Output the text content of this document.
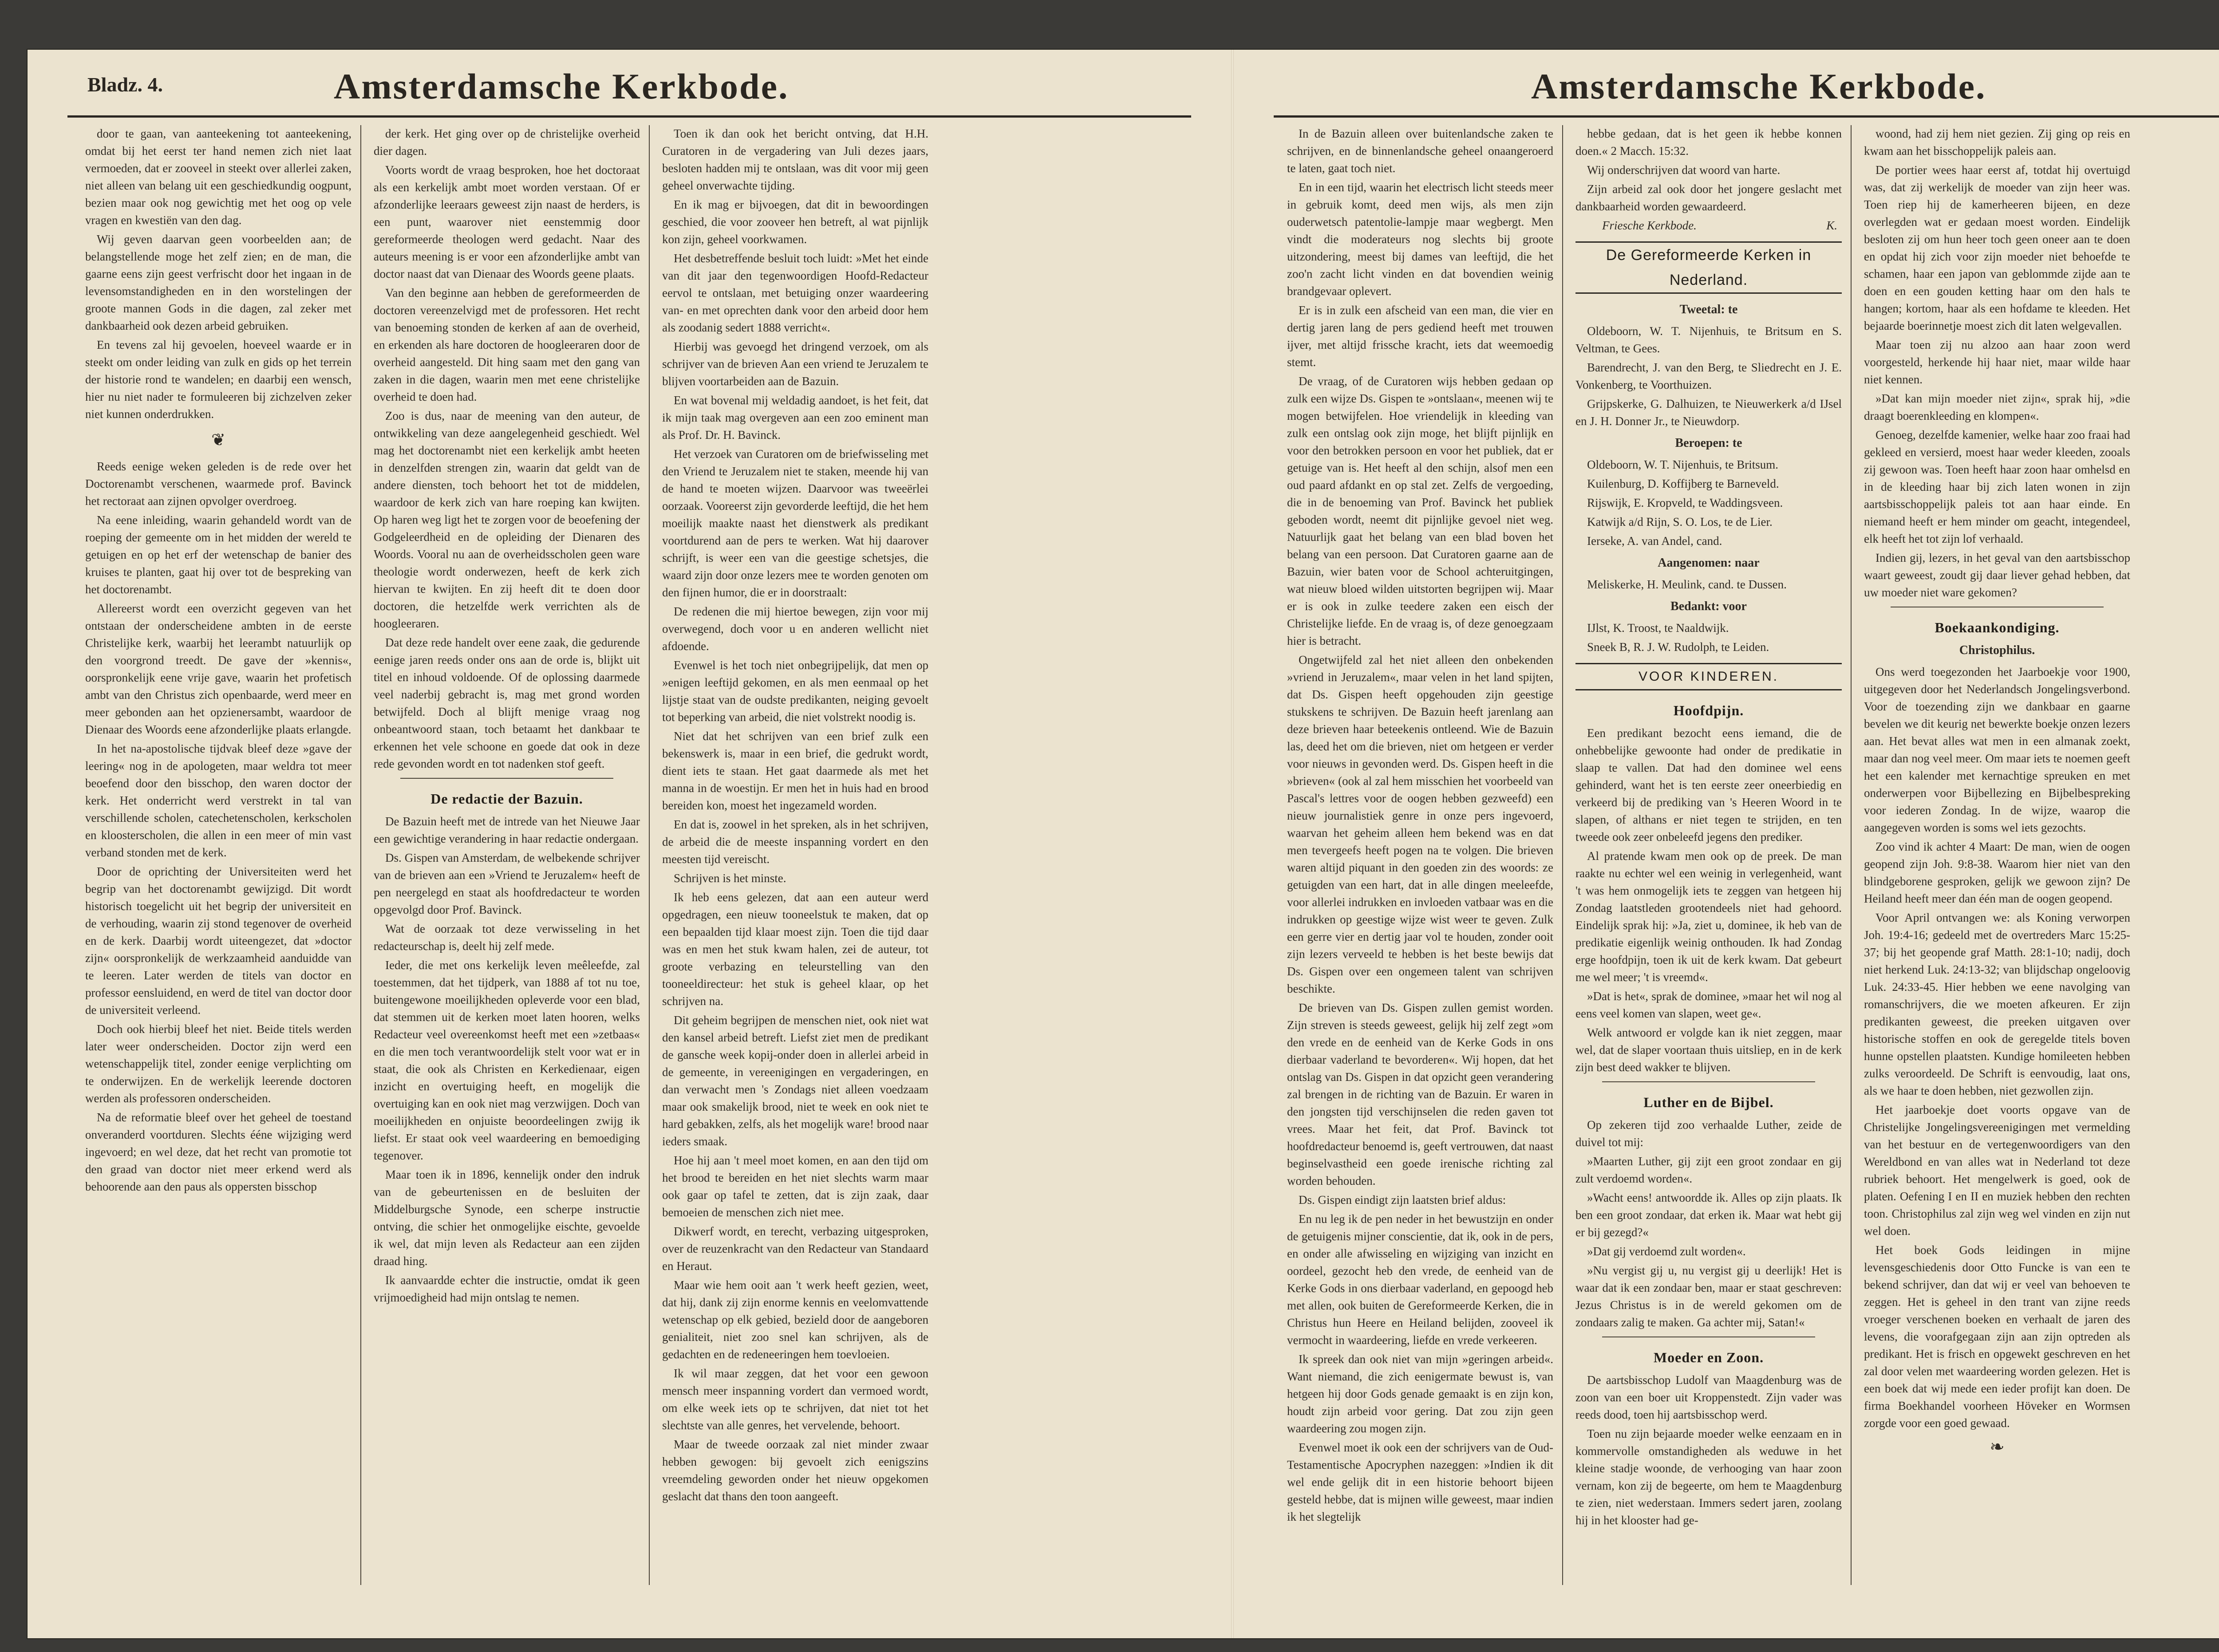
Bladz. 4.	Amsterdamsche Kerkbode.

door te gaan, van aanteekening tot aanteekening, omdat bij het eerst ter hand nemen zich niet laat vermoeden, dat er zooveel in steekt over allerlei zaken, niet alleen van belang uit een geschiedkundig oogpunt, bezien maar ook nog gewichtig met het oog op vele vragen en kwestiën van den dag.

Wij geven daarvan geen voorbeelden aan; de belangstellende moge het zelf zien; en de man, die gaarne eens zijn geest verfrischt door het ingaan in de levensomstandigheden en in den worstelingen der groote mannen Gods in die dagen, zal zeker met dankbaarheid ook dezen arbeid gebruiken.

En tevens zal hij gevoelen, hoeveel waarde er in steekt om onder leiding van zulk en gids op het terrein der historie rond te wandelen; en daarbij een wensch, hier nu niet nader te formuleeren bij zichzelven zeker niet kunnen onderdrukken.

❦

Reeds eenige weken geleden is de rede over het Doctorenambt verschenen, waarmede prof. Bavinck het rectoraat aan zijnen opvolger overdroeg.

Na eene inleiding, waarin gehandeld wordt van de roeping der gemeente om in het midden der wereld te getuigen en op het erf der wetenschap de banier des kruises te planten, gaat hij over tot de bespreking van het doctorenambt.

Allereerst wordt een overzicht gegeven van het ontstaan der onderscheidene ambten in de eerste Christelijke kerk, waarbij het leerambt natuurlijk op den voorgrond treedt. De gave der »kennis«, oorspronkelijk eene vrije gave, waarin het profetisch ambt van den Christus zich openbaarde, werd meer en meer gebonden aan het opzienersambt, waardoor de Dienaar des Woords eene afzonderlijke plaats erlangde.

In het na-apostolische tijdvak bleef deze »gave der leering« nog in de apologeten, maar weldra tot meer beoefend door den bisschop, den waren doctor der kerk. Het onderricht werd verstrekt in tal van verschillende scholen, catechetenscholen, kerkscholen en kloosterscholen, die allen in een meer of min vast verband stonden met de kerk.

Door de oprichting der Universiteiten werd het begrip van het doctorenambt gewijzigd. Dit wordt historisch toegelicht uit het begrip der universiteit en de verhouding, waarin zij stond tegenover de overheid en de kerk. Daarbij wordt uiteengezet, dat »doctor zijn« oorspronkelijk de werkzaamheid aanduidde van te leeren. Later werden de titels van doctor en professor eensluidend, en werd de titel van doctor door de universiteit verleend.

Doch ook hierbij bleef het niet. Beide titels werden later weer onderscheiden. Doctor zijn werd een wetenschappelijk titel, zonder eenige verplichting om te onderwijzen. En de werkelijk leerende doctoren werden als professoren onderscheiden.

Na de reformatie bleef over het geheel de toestand onveranderd voortduren. Slechts ééne wijziging werd ingevoerd; en wel deze, dat het recht van promotie tot den graad van doctor niet meer erkend werd als behoorende aan den paus als oppersten bisschop

der kerk. Het ging over op de christelijke overheid dier dagen.

Voorts wordt de vraag besproken, hoe het doctoraat als een kerkelijk ambt moet worden verstaan. Of er afzonderlijke leeraars geweest zijn naast de herders, is een punt, waarover niet eenstemmig door gereformeerde theologen werd gedacht. Naar des auteurs meening is er voor een afzonderlijke ambt van doctor naast dat van Dienaar des Woords geene plaats.

Van den beginne aan hebben de gereformeerden de doctoren vereenzelvigd met de professoren. Het recht van benoeming stonden de kerken af aan de overheid, en erkenden als hare doctoren de hoogleeraren door de overheid aangesteld. Dit hing saam met den gang van zaken in die dagen, waarin men met eene christelijke overheid te doen had.

Zoo is dus, naar de meening van den auteur, de ontwikkeling van deze aangelegenheid geschiedt. Wel mag het doctorenambt niet een kerkelijk ambt heeten in denzelfden strengen zin, waarin dat geldt van de andere diensten, toch behoort het tot de middelen, waardoor de kerk zich van hare roeping kan kwijten. Op haren weg ligt het te zorgen voor de beoefening der Godgeleerdheid en de opleiding der Dienaren des Woords. Vooral nu aan de overheidsscholen geen ware theologie wordt onderwezen, heeft de kerk zich hiervan te kwijten. En zij heeft dit te doen door doctoren, die hetzelfde werk verrichten als de hoogleeraren.

Dat deze rede handelt over eene zaak, die gedurende eenige jaren reeds onder ons aan de orde is, blijkt uit titel en inhoud voldoende. Of de oplossing daarmede veel naderbij gebracht is, mag met grond worden betwijfeld. Doch al blijft menige vraag nog onbeantwoord staan, toch betaamt het dankbaar te erkennen het vele schoone en goede dat ook in deze rede gevonden wordt en tot nadenken stof geeft.

De redactie der Bazuin.

De Bazuin heeft met de intrede van het Nieuwe Jaar een gewichtige verandering in haar redactie ondergaan.

Ds. Gispen van Amsterdam, de welbekende schrijver van de brieven aan een »Vriend te Jeruzalem« heeft de pen neergelegd en staat als hoofdredacteur te worden opgevolgd door Prof. Bavinck.

Wat de oorzaak tot deze verwisseling in het redacteurschap is, deelt hij zelf mede.

Ieder, die met ons kerkelijk leven meêleefde, zal toestemmen, dat het tijdperk, van 1888 af tot nu toe, buitengewone moeilijkheden opleverde voor een blad, dat stemmen uit de kerken moet laten hooren, welks Redacteur veel overeenkomst heeft met een »zetbaas« en die men toch verantwoordelijk stelt voor wat er in staat, die ook als Christen en Kerkedienaar, eigen inzicht en overtuiging heeft, en mogelijk die overtuiging kan en ook niet mag verzwijgen. Doch van moeilijkheden en onjuiste beoordeelingen zwijg ik liefst. Er staat ook veel waardeering en bemoediging tegenover.

Maar toen ik in 1896, kennelijk onder den indruk van de gebeurtenissen en de besluiten der Middelburgsche Synode, een scherpe instructie ontving, die schier het onmogelijke eischte, gevoelde ik wel, dat mijn leven als Redacteur aan een zijden draad hing.

Ik aanvaardde echter die instructie, omdat ik geen vrijmoedigheid had mijn ontslag te nemen.

Toen ik dan ook het bericht ontving, dat H.H. Curatoren in de vergadering van Juli dezes jaars, besloten hadden mij te ontslaan, was dit voor mij geen geheel onverwachte tijding.

En ik mag er bijvoegen, dat dit in bewoordingen geschied, die voor zooveer hen betreft, al wat pijnlijk kon zijn, geheel voorkwamen.

Het desbetreffende besluit toch luidt: »Met het einde van dit jaar den tegenwoordigen Hoofd-Redacteur eervol te ontslaan, met betuiging onzer waardeering van- en met oprechten dank voor den arbeid door hem als zoodanig sedert 1888 verricht«.

Hierbij was gevoegd het dringend verzoek, om als schrijver van de brieven Aan een vriend te Jeruzalem te blijven voortarbeiden aan de Bazuin.

En wat bovenal mij weldadig aandoet, is het feit, dat ik mijn taak mag overgeven aan een zoo eminent man als Prof. Dr. H. Bavinck.

Het verzoek van Curatoren om de briefwisseling met den Vriend te Jeruzalem niet te staken, meende hij van de hand te moeten wijzen. Daarvoor was tweeërlei oorzaak. Vooreerst zijn gevorderde leeftijd, die het hem moeilijk maakte naast het dienstwerk als predikant voortdurend aan de pers te werken. Wat hij daarover schrijft, is weer een van die geestige schetsjes, die waard zijn door onze lezers mee te worden genoten om den fijnen humor, die er in doorstraalt:

De redenen die mij hiertoe bewegen, zijn voor mij overwegend, doch voor u en anderen wellicht niet afdoende.

Evenwel is het toch niet onbegrijpelijk, dat men op »enigen leeftijd gekomen, en als men eenmaal op het lijstje staat van de oudste predikanten, neiging gevoelt tot beperking van arbeid, die niet volstrekt noodig is.

Niet dat het schrijven van een brief zulk een bekenswerk is, maar in een brief, die gedrukt wordt, dient iets te staan. Het gaat daarmede als met het manna in de woestijn. Er men het in huis had en brood bereiden kon, moest het ingezameld worden.

En dat is, zoowel in het spreken, als in het schrijven, de arbeid die de meeste inspanning vordert en den meesten tijd vereischt.

Schrijven is het minste.

Ik heb eens gelezen, dat aan een auteur werd opgedragen, een nieuw tooneelstuk te maken, dat op een bepaalden tijd klaar moest zijn. Toen die tijd daar was en men het stuk kwam halen, zei de auteur, tot groote verbazing en teleurstelling van den tooneeldirecteur: het stuk is geheel klaar, op het schrijven na.

Dit geheim begrijpen de menschen niet, ook niet wat den kansel arbeid betreft. Liefst ziet men de predikant de gansche week kopij-onder doen in allerlei arbeid in de gemeente, in vereenigingen en vergaderingen, en dan verwacht men 's Zondags niet alleen voedzaam maar ook smakelijk brood, niet te week en ook niet te hard gebakken, zelfs, als het mogelijk ware! brood naar ieders smaak.

Hoe hij aan 't meel moet komen, en aan den tijd om het brood te bereiden en het niet slechts warm maar ook gaar op tafel te zetten, dat is zijn zaak, daar bemoeien de menschen zich niet mee.

Dikwerf wordt, en terecht, verbazing uitgesproken, over de reuzenkracht van den Redacteur van Standaard en Heraut.

Maar wie hem ooit aan 't werk heeft gezien, weet, dat hij, dank zij zijn enorme kennis en veelomvattende wetenschap op elk gebied, bezield door de aangeboren genialiteit, niet zoo snel kan schrijven, als de gedachten en de redeneeringen hem toevloeien.

Ik wil maar zeggen, dat het voor een gewoon mensch meer inspanning vordert dan vermoed wordt, om elke week iets op te schrijven, dat niet tot het slechtste van alle genres, het vervelende, behoort.

Maar de tweede oorzaak zal niet minder zwaar hebben gewogen: bij gevoelt zich eenigszins vreemdeling geworden onder het nieuw opgekomen geslacht dat thans den toon aangeeft.

Amsterdamsche Kerkbode.

In de Bazuin alleen over buitenlandsche zaken te schrijven, en de binnenlandsche geheel onaangeroerd te laten, gaat toch niet.

En in een tijd, waarin het electrisch licht steeds meer in gebruik komt, deed men wijs, als men zijn ouderwetsch patentolie-lampje maar wegbergt. Men vindt die moderateurs nog slechts bij groote uitzondering, meest bij dames van leeftijd, die het zoo'n zacht licht vinden en dat bovendien weinig brandgevaar oplevert.

Er is in zulk een afscheid van een man, die vier en dertig jaren lang de pers gediend heeft met trouwen ijver, met altijd frissche kracht, iets dat weemoedig stemt.

De vraag, of de Curatoren wijs hebben gedaan op zulk een wijze Ds. Gispen te »ontslaan«, meenen wij te mogen betwijfelen. Hoe vriendelijk in kleeding van zulk een ontslag ook zijn moge, het blijft pijnlijk en voor den betrokken persoon en voor het publiek, dat er getuige van is. Het heeft al den schijn, alsof men een oud paard afdankt en op stal zet. Zelfs de vergoeding, die in de benoeming van Prof. Bavinck het publiek geboden wordt, neemt dit pijnlijke gevoel niet weg. Natuurlijk gaat het belang van een blad boven het belang van een persoon. Dat Curatoren gaarne aan de Bazuin, wier baten voor de School achteruitgingen, wat nieuw bloed wilden uitstorten begrijpen wij. Maar er is ook in zulke teedere zaken een eisch der Christelijke liefde. En de vraag is, of deze genoegzaam hier is betracht.

Ongetwijfeld zal het niet alleen den onbekenden »vriend in Jeruzalem«, maar velen in het land spijten, dat Ds. Gispen heeft opgehouden zijn geestige stukskens te schrijven. De Bazuin heeft jarenlang aan deze brieven haar beteekenis ontleend. Wie de Bazuin las, deed het om die brieven, niet om hetgeen er verder voor nieuws in gevonden werd. Ds. Gispen heeft in die »brieven« (ook al zal hem misschien het voorbeeld van Pascal's lettres voor de oogen hebben gezweefd) een nieuw journalistiek genre in onze pers ingevoerd, waarvan het geheim alleen hem bekend was en dat men tevergeefs heeft pogen na te volgen. Die brieven waren altijd piquant in den goeden zin des woords: ze getuigden van een hart, dat in alle dingen meeleefde, voor allerlei indrukken en invloeden vatbaar was en die indrukken op geestige wijze wist weer te geven. Zulk een gerre vier en dertig jaar vol te houden, zonder ooit zijn lezers verveeld te hebben is het beste bewijs dat Ds. Gispen over een ongemeen talent van schrijven beschikte.

De brieven van Ds. Gispen zullen gemist worden. Zijn streven is steeds geweest, gelijk hij zelf zegt »om den vrede en de eenheid van de Kerke Gods in ons dierbaar vaderland te bevorderen«. Wij hopen, dat het ontslag van Ds. Gispen in dat opzicht geen verandering zal brengen in de richting van de Bazuin. Er waren in den jongsten tijd verschijnselen die reden gaven tot vrees. Maar het feit, dat Prof. Bavinck tot hoofdredacteur benoemd is, geeft vertrouwen, dat naast beginselvastheid een goede irenische richting zal worden behouden.

Ds. Gispen eindigt zijn laatsten brief aldus:

En nu leg ik de pen neder in het bewustzijn en onder de getuigenis mijner conscientie, dat ik, ook in de pers, en onder alle afwisseling en wijziging van inzicht en oordeel, gezocht heb den vrede, de eenheid van de Kerke Gods in ons dierbaar vaderland, en gepoogd heb met allen, ook buiten de Gereformeerde Kerken, die in Christus hun Heere en Heiland belijden, zooveel ik vermocht in waardeering, liefde en vrede verkeeren.

Ik spreek dan ook niet van mijn »geringen arbeid«. Want niemand, die zich eenigermate bewust is, van hetgeen hij door Gods genade gemaakt is en zijn kon, houdt zijn arbeid voor gering. Dat zou zijn geen waardeering zou mogen zijn.

Evenwel moet ik ook een der schrijvers van de Oud-Testamentische Apocryphen nazeggen: »Indien ik dit wel ende gelijk dit in een historie behoort bijeen gesteld hebbe, dat is mijnen wille geweest, maar indien ik het slegtelijk

hebbe gedaan, dat is het geen ik hebbe konnen doen.« 2 Macch. 15:32.

Wij onderschrijven dat woord van harte.

Zijn arbeid zal ook door het jongere geslacht met dankbaarheid worden gewaardeerd.

Friesche Kerkbode.	K.
De Gereformeerde Kerken in Nederland.
Tweetal: te

Oldeboorn, W. T. Nijenhuis, te Britsum en S. Veltman, te Gees.

Barendrecht, J. van den Berg, te Sliedrecht en J. E. Vonkenberg, te Voorthuizen.

Grijpskerke, G. Dalhuizen, te Nieuwerkerk a/d IJsel en J. H. Donner Jr., te Nieuwdorp.

Beroepen: te

Oldeboorn, W. T. Nijenhuis, te Britsum.

Kuilenburg, D. Koffijberg te Barneveld.

Rijswijk, E. Kropveld, te Waddingsveen.

Katwijk a/d Rijn, S. O. Los, te de Lier.

Ierseke, A. van Andel, cand.

Aangenomen: naar

Meliskerke, H. Meulink, cand. te Dussen.

Bedankt: voor

IJlst, K. Troost, te Naaldwijk.

Sneek B, R. J. W. Rudolph, te Leiden.

VOOR KINDEREN.
Hoofdpijn.

Een predikant bezocht eens iemand, die de onhebbelijke gewoonte had onder de predikatie in slaap te vallen. Dat had den dominee wel eens gehinderd, want het is ten eerste zeer oneerbiedig en verkeerd bij de prediking van 's Heeren Woord in te slapen, of althans er niet tegen te strijden, en ten tweede ook zeer onbeleefd jegens den prediker.

Al pratende kwam men ook op de preek. De man raakte nu echter wel een weinig in verlegenheid, want 't was hem onmogelijk iets te zeggen van hetgeen hij Zondag laatstleden grootendeels niet had gehoord. Eindelijk sprak hij: »Ja, ziet u, dominee, ik heb van de predikatie eigenlijk weinig onthouden. Ik had Zondag erge hoofdpijn, toen ik uit de kerk kwam. Dat gebeurt me wel meer; 't is vreemd«.

»Dat is het«, sprak de dominee, »maar het wil nog al eens veel komen van slapen, weet ge«.

Welk antwoord er volgde kan ik niet zeggen, maar wel, dat de slaper voortaan thuis uitsliep, en in de kerk zijn best deed wakker te blijven.

Luther en de Bijbel.

Op zekeren tijd zoo verhaalde Luther, zeide de duivel tot mij:

»Maarten Luther, gij zijt een groot zondaar en gij zult verdoemd worden«.

»Wacht eens! antwoordde ik. Alles op zijn plaats. Ik ben een groot zondaar, dat erken ik. Maar wat hebt gij er bij gezegd?«

»Dat gij verdoemd zult worden«.

»Nu vergist gij u, nu vergist gij u deerlijk! Het is waar dat ik een zondaar ben, maar er staat geschreven: Jezus Christus is in de wereld gekomen om de zondaars zalig te maken. Ga achter mij, Satan!«

Moeder en Zoon.

De aartsbisschop Ludolf van Maagdenburg was de zoon van een boer uit Kroppenstedt. Zijn vader was reeds dood, toen hij aartsbisschop werd.

Toen nu zijn bejaarde moeder welke eenzaam en in kommervolle omstandigheden als weduwe in het kleine stadje woonde, de verhooging van haar zoon vernam, kon zij de begeerte, om hem te Maagdenburg te zien, niet wederstaan. Immers sedert jaren, zoolang hij in het klooster had ge-

woond, had zij hem niet gezien. Zij ging op reis en kwam aan het bisschoppelijk paleis aan.

De portier wees haar eerst af, totdat hij overtuigd was, dat zij werkelijk de moeder van zijn heer was. Toen riep hij de kamerheeren bijeen, en deze overlegden wat er gedaan moest worden. Eindelijk besloten zij om hun heer toch geen oneer aan te doen en opdat hij zich voor zijn moeder niet behoefde te schamen, haar een japon van geblommde zijde aan te doen en een gouden ketting haar om den hals te hangen; kortom, haar als een hofdame te kleeden. Het bejaarde boerinnetje moest zich dit laten welgevallen.

Maar toen zij nu alzoo aan haar zoon werd voorgesteld, herkende hij haar niet, maar wilde haar niet kennen.

»Dat kan mijn moeder niet zijn«, sprak hij, »die draagt boerenkleeding en klompen«.

Genoeg, dezelfde kamenier, welke haar zoo fraai had gekleed en versierd, moest haar weder kleeden, zooals zij gewoon was. Toen heeft haar zoon haar omhelsd en in de kleeding haar bij zich laten wonen in zijn aartsbisschoppelijk paleis tot aan haar einde. En niemand heeft er hem minder om geacht, integendeel, elk heeft het tot zijn lof verhaald.

Indien gij, lezers, in het geval van den aartsbisschop waart geweest, zoudt gij daar liever gehad hebben, dat uw moeder niet ware gekomen?

Boekaankondiging.
Christophilus.

Ons werd toegezonden het Jaarboekje voor 1900, uitgegeven door het Nederlandsch Jongelingsverbond. Voor de toezending zijn we dankbaar en gaarne bevelen we dit keurig net bewerkte boekje onzen lezers aan. Het bevat alles wat men in een almanak zoekt, maar dan nog veel meer. Om maar iets te noemen geeft het een kalender met kernachtige spreuken en met onderwerpen voor Bijbellezing en Bijbelbespreking voor iederen Zondag. In de wijze, waarop die aangegeven worden is soms wel iets gezochts.

Zoo vind ik achter 4 Maart: De man, wien de oogen geopend zijn Joh. 9:8-38. Waarom hier niet van den blindgeborene gesproken, gelijk we gewoon zijn? De Heiland heeft meer dan één man de oogen geopend.

Voor April ontvangen we: als Koning verworpen Joh. 19:4-16; gedeeld met de overtreders Marc 15:25-37; bij het geopende graf Matth. 28:1-10; nadij, doch niet herkend Luk. 24:13-32; van blijdschap ongeloovig Luk. 24:33-45. Hier hebben we eene navolging van romanschrijvers, die we moeten afkeuren. Er zijn predikanten geweest, die preeken uitgaven over historische stoffen en ook de geregelde titels boven hunne opstellen plaatsten. Kundige homileeten hebben zulks veroordeeld. De Schrift is eenvoudig, laat ons, als we haar te doen hebben, niet gezwollen zijn.

Het jaarboekje doet voorts opgave van de Christelijke Jongelingsvereenigingen met vermelding van het bestuur en de vertegenwoordigers van den Wereldbond en van alles wat in Nederland tot deze rubriek behoort. Het mengelwerk is goed, ook de platen. Oefening I en II en muziek hebben den rechten toon. Christophilus zal zijn weg wel vinden en zijn nut wel doen.

Het boek Gods leidingen in mijne levensgeschiedenis door Otto Funcke is van een te bekend schrijver, dan dat wij er veel van behoeven te zeggen. Het is geheel in den trant van zijne reeds vroeger verschenen boeken en verhaalt de jaren des levens, die voorafgegaan zijn aan zijn optreden als predikant. Het is frisch en opgewekt geschreven en het zal door velen met waardeering worden gelezen. Het is een boek dat wij mede een ieder profijt kan doen. De firma Boekhandel voorheen Höveker en Wormsen zorgde voor een goed gewaad.

❧
